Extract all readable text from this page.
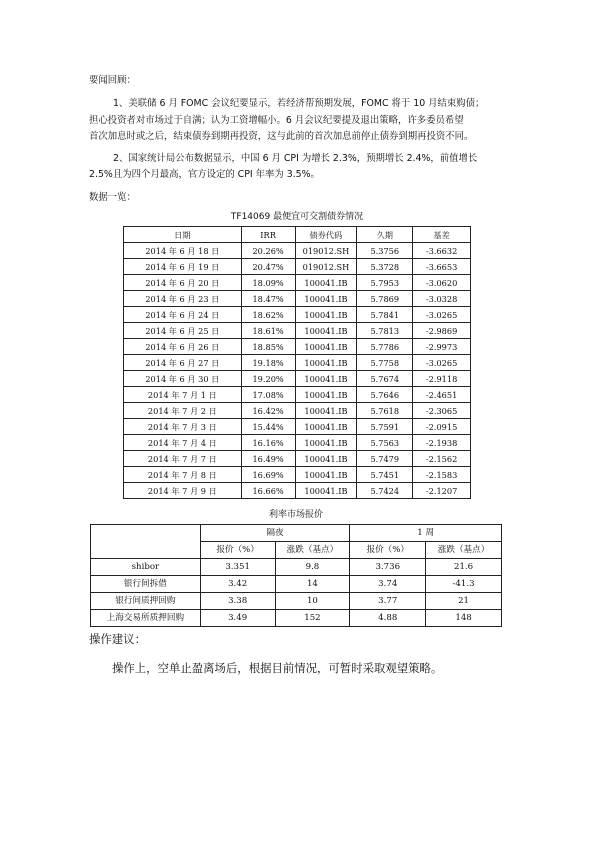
要闻回顾：
1、美联储 6 月 FOMC 会议纪要显示，若经济帮预期发展，FOMC 将于 10 月结束购债；
担心投资者对市场过于自满；认为工资增幅小。6 月会议纪要提及退出策略，许多委员希望
首次加息时或之后，结束债券到期再投资，这与此前的首次加息前停止债券到期再投资不同。
2、国家统计局公布数据显示，中国 6 月 CPI 为增长 2.3%，预期增长 2.4%，前值增长
2.5%且为四个月最高，官方设定的 CPI 年率为 3.5%。
数据一览：
TF14069 最便宜可交割债券情况
日期	IRR	债券代码	久期	基差
2014 年 6 月 18 日	20.26%	019012.SH	5.3756	-3.6632
2014 年 6 月 19 日	20.47%	019012.SH	5.3728	-3.6653
2014 年 6 月 20 日	18.09%	100041.IB	5.7953	-3.0620
2014 年 6 月 23 日	18.47%	100041.IB	5.7869	-3.0328
2014 年 6 月 24 日	18.62%	100041.IB	5.7841	-3.0265
2014 年 6 月 25 日	18.61%	100041.IB	5.7813	-2.9869
2014 年 6 月 26 日	18.85%	100041.IB	5.7786	-2.9973
2014 年 6 月 27 日	19.18%	100041.IB	5.7758	-3.0265
2014 年 6 月 30 日	19.20%	100041.IB	5.7674	-2.9118
2014 年 7 月 1 日	17.08%	100041.IB	5.7646	-2.4651
2014 年 7 月 2 日	16.42%	100041.IB	5.7618	-2.3065
2014 年 7 月 3 日	15.44%	100041.IB	5.7591	-2.0915
2014 年 7 月 4 日	16.16%	100041.IB	5.7563	-2.1938
2014 年 7 月 7 日	16.49%	100041.IB	5.7479	-2.1562
2014 年 7 月 8 日	16.69%	100041.IB	5.7451	-2.1583
2014 年 7 月 9 日	16.66%	100041.IB	5.7424	-2.1207
利率市场报价
	隔夜		1 周	
	报价（%）	涨跌（基点）	报价（%）	涨跌（基点）
shibor	3.351	9.8	3.736	21.6
银行间拆借	3.42	14	3.74	-41.3
银行间质押回购	3.38	10	3.77	21
上海交易所质押回购	3.49	152	4.88	148
操作建议：
操作上，空单止盈离场后，根据目前情况，可暂时采取观望策略。
